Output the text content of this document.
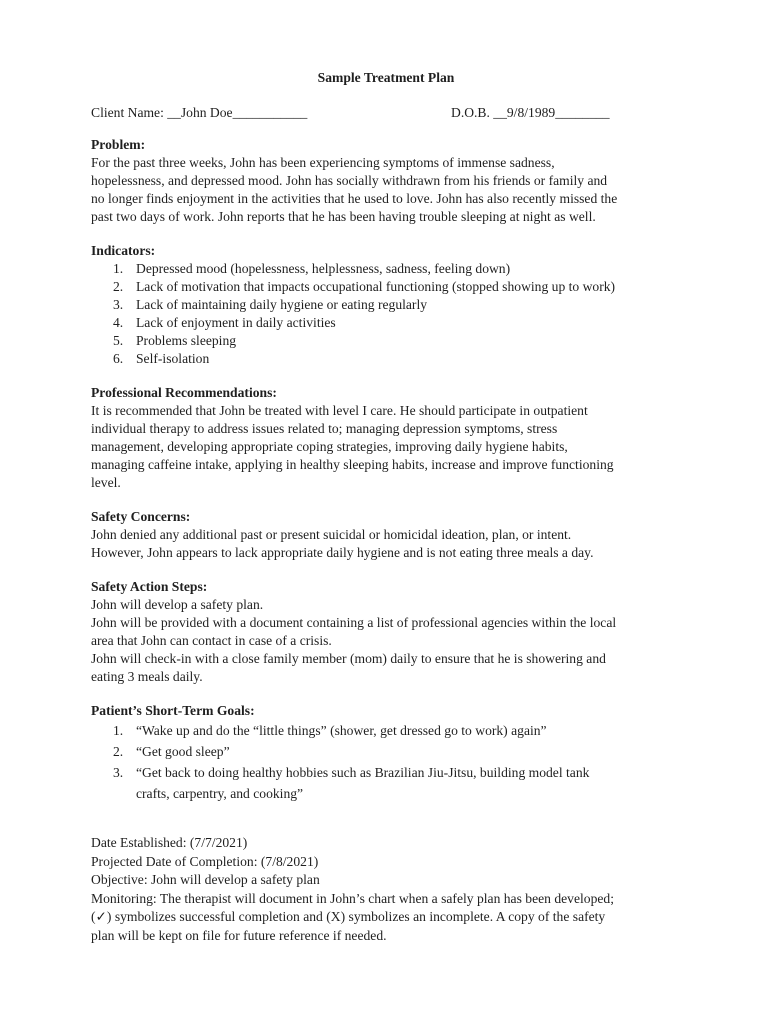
Sample Treatment Plan
Client Name: __John Doe___________	D.O.B. __9/8/1989________
Problem:
For the past three weeks, John has been experiencing symptoms of immense sadness,
hopelessness, and depressed mood. John has socially withdrawn from his friends or family and
no longer finds enjoyment in the activities that he used to love. John has also recently missed the
past two days of work. John reports that he has been having trouble sleeping at night as well.
Indicators:
1. Depressed mood (hopelessness, helplessness, sadness, feeling down)
2. Lack of motivation that impacts occupational functioning (stopped showing up to work)
3. Lack of maintaining daily hygiene or eating regularly
4. Lack of enjoyment in daily activities
5. Problems sleeping
6. Self-isolation
Professional Recommendations:
It is recommended that John be treated with level I care. He should participate in outpatient
individual therapy to address issues related to; managing depression symptoms, stress
management, developing appropriate coping strategies, improving daily hygiene habits,
managing caffeine intake, applying in healthy sleeping habits, increase and improve functioning
level.
Safety Concerns:
John denied any additional past or present suicidal or homicidal ideation, plan, or intent.
However, John appears to lack appropriate daily hygiene and is not eating three meals a day.
Safety Action Steps:
John will develop a safety plan.
John will be provided with a document containing a list of professional agencies within the local
area that John can contact in case of a crisis.
John will check-in with a close family member (mom) daily to ensure that he is showering and
eating 3 meals daily.
Patient’s Short-Term Goals:
1. “Wake up and do the “little things” (shower, get dressed go to work) again”
2. “Get good sleep”
3. “Get back to doing healthy hobbies such as Brazilian Jiu-Jitsu, building model tank
crafts, carpentry, and cooking”
Date Established: (7/7/2021)
Projected Date of Completion: (7/8/2021)
Objective: John will develop a safety plan
Monitoring: The therapist will document in John’s chart when a safely plan has been developed;
(✓) symbolizes successful completion and (X) symbolizes an incomplete. A copy of the safety
plan will be kept on file for future reference if needed.
